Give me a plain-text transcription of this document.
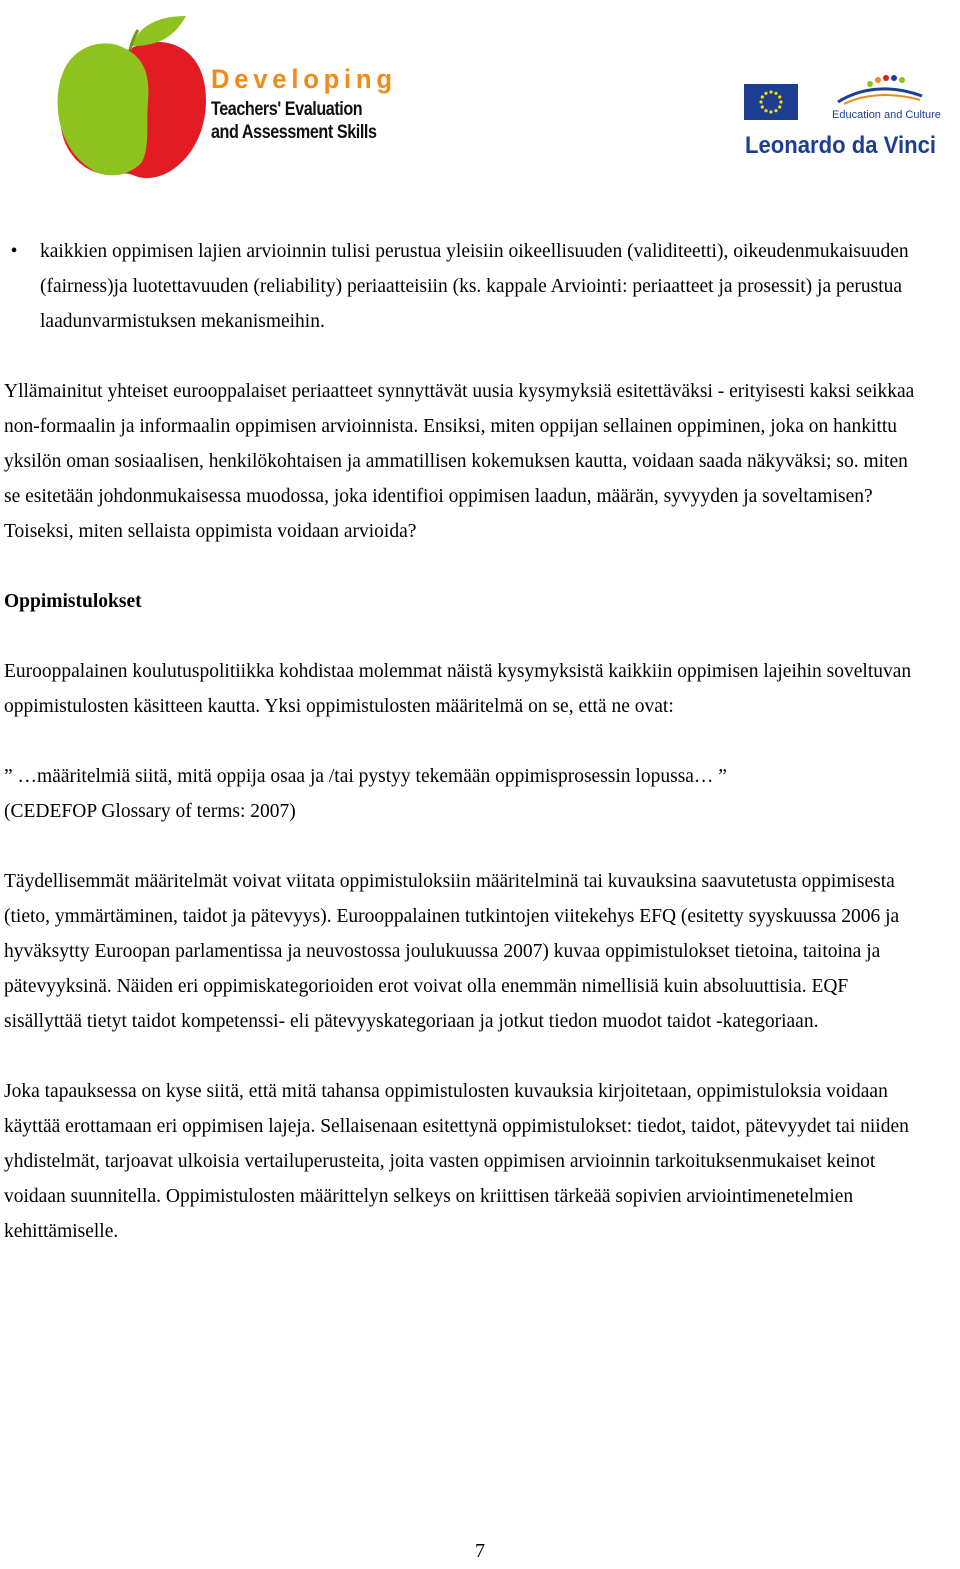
Developing
Teachers' Evaluation
and Assessment Skills
Education and Culture
Leonardo da Vinci
•	kaikkien oppimisen lajien arvioinnin tulisi perustua yleisiin oikeellisuuden (validiteetti), oikeudenmukaisuuden (fairness)ja luotettavuuden (reliability) periaatteisiin (ks. kappale Arviointi: periaatteet ja prosessit) ja perustua laadunvarmistuksen mekanismeihin.

Yllämainitut yhteiset eurooppalaiset periaatteet synnyttävät uusia kysymyksiä esitettäväksi - erityisesti kaksi seikkaa non-formaalin ja informaalin oppimisen arvioinnista. Ensiksi, miten oppijan sellainen oppiminen, joka on hankittu yksilön oman sosiaalisen, henkilökohtaisen ja ammatillisen kokemuksen kautta, voidaan saada näkyväksi; so. miten se esitetään johdonmukaisessa muodossa, joka identifioi oppimisen laadun, määrän, syvyyden ja soveltamisen? Toiseksi, miten sellaista oppimista voidaan arvioida?

Oppimistulokset

Eurooppalainen koulutuspolitiikka kohdistaa molemmat näistä kysymyksistä kaikkiin oppimisen lajeihin soveltuvan oppimistulosten käsitteen kautta. Yksi oppimistulosten määritelmä on se, että ne ovat:

” …määritelmiä siitä, mitä oppija osaa ja /tai pystyy tekemään oppimisprosessin lopussa… ”

(CEDEFOP Glossary of terms: 2007)

Täydellisemmät määritelmät voivat viitata oppimistuloksiin määritelminä tai kuvauksina saavutetusta oppimisesta (tieto, ymmärtäminen, taidot ja pätevyys). Eurooppalainen tutkintojen viitekehys EFQ (esitetty syyskuussa 2006 ja hyväksytty Euroopan parlamentissa ja neuvostossa joulukuussa 2007) kuvaa oppimistulokset tietoina, taitoina ja pätevyyksinä. Näiden eri oppimiskategorioiden erot voivat olla enemmän nimellisiä kuin absoluuttisia. EQF sisällyttää tietyt taidot kompetenssi- eli pätevyyskategoriaan ja jotkut tiedon muodot taidot -kategoriaan.

Joka tapauksessa on kyse siitä, että mitä tahansa oppimistulosten kuvauksia kirjoitetaan, oppimistuloksia voidaan käyttää erottamaan eri oppimisen lajeja. Sellaisenaan esitettynä oppimistulokset: tiedot, taidot, pätevyydet tai niiden yhdistelmät, tarjoavat ulkoisia vertailuperusteita, joita vasten oppimisen arvioinnin tarkoituksenmukaiset keinot voidaan suunnitella. Oppimistulosten määrittelyn selkeys on kriittisen tärkeää sopivien arviointimenetelmien kehittämiselle.

7
